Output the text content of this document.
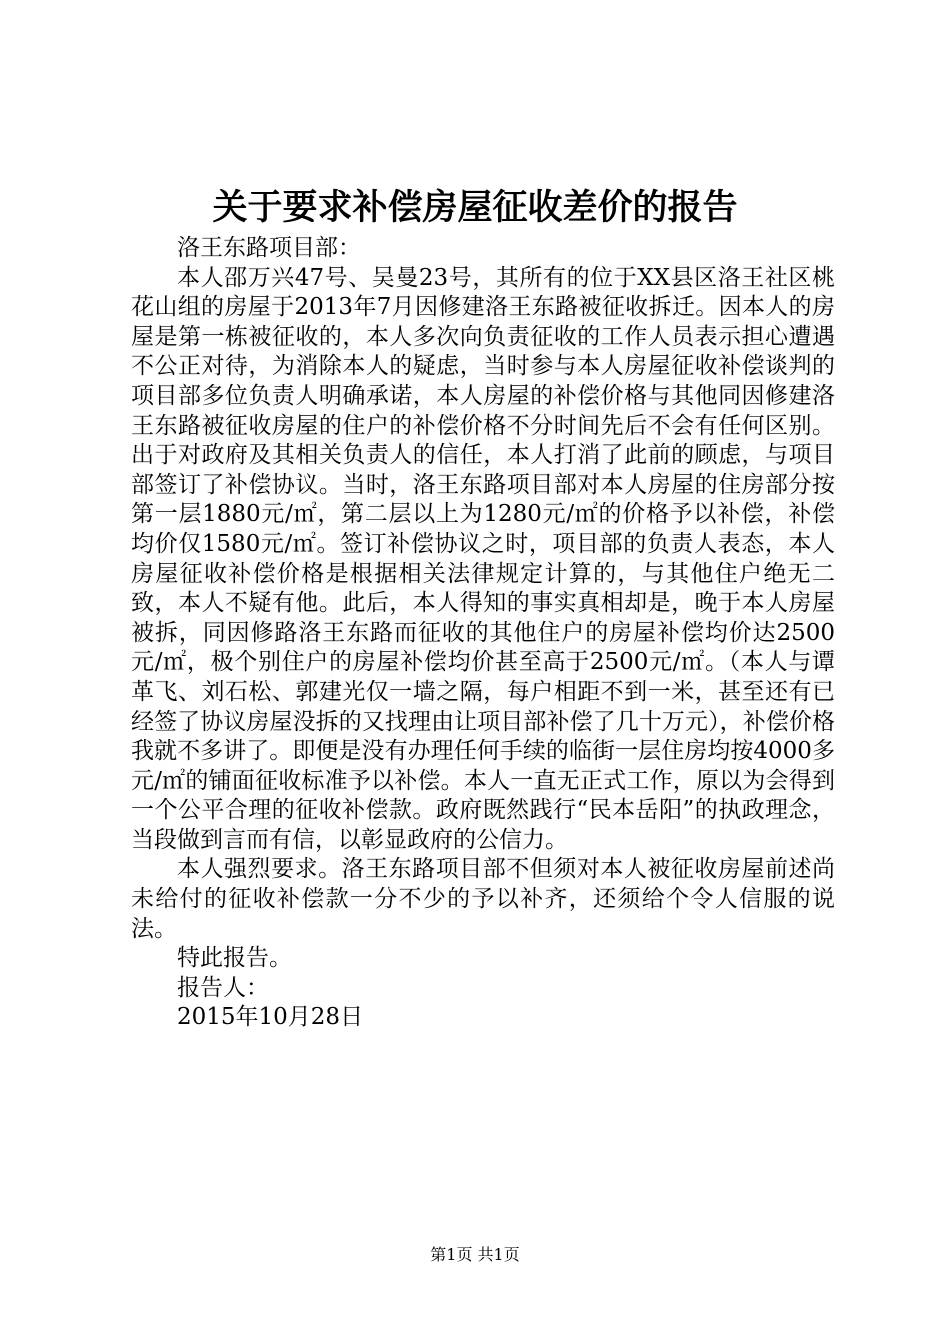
关于要求补偿房屋征收差价的报告

洛王东路项目部：

本人邵万兴47号、吴曼23号，其所有的位于XX县区洛王社区桃花山组的房屋于2013年7月因修建洛王东路被征收拆迁。因本人的房屋是第一栋被征收的，本人多次向负责征收的工作人员表示担心遭遇不公正对待，为消除本人的疑虑，当时参与本人房屋征收补偿谈判的项目部多位负责人明确承诺，本人房屋的补偿价格与其他同因修建洛王东路被征收房屋的住户的补偿价格不分时间先后不会有任何区别。出于对政府及其相关负责人的信任，本人打消了此前的顾虑，与项目部签订了补偿协议。当时，洛王东路项目部对本人房屋的住房部分按第一层1880元/㎡，第二层以上为1280元/㎡的价格予以补偿，补偿均价仅1580元/㎡。签订补偿协议之时，项目部的负责人表态，本人房屋征收补偿价格是根据相关法律规定计算的，与其他住户绝无二致，本人不疑有他。此后，本人得知的事实真相却是，晚于本人房屋被拆，同因修路洛王东路而征收的其他住户的房屋补偿均价达2500元/㎡，极个别住户的房屋补偿均价甚至高于2500元/㎡。（本人与谭革飞、刘石松、郭建光仅一墙之隔，每户相距不到一米，甚至还有已经签了协议房屋没拆的又找理由让项目部补偿了几十万元），补偿价格我就不多讲了。即便是没有办理任何手续的临街一层住房均按4000多元/㎡的铺面征收标准予以补偿。本人一直无正式工作，原以为会得到一个公平合理的征收补偿款。政府既然践行“民本岳阳”的执政理念，当段做到言而有信，以彰显政府的公信力。

本人强烈要求。洛王东路项目部不但须对本人被征收房屋前述尚未给付的征收补偿款一分不少的予以补齐，还须给个令人信服的说法。

特此报告。

报告人：

2015年10月28日

第1页 共1页
